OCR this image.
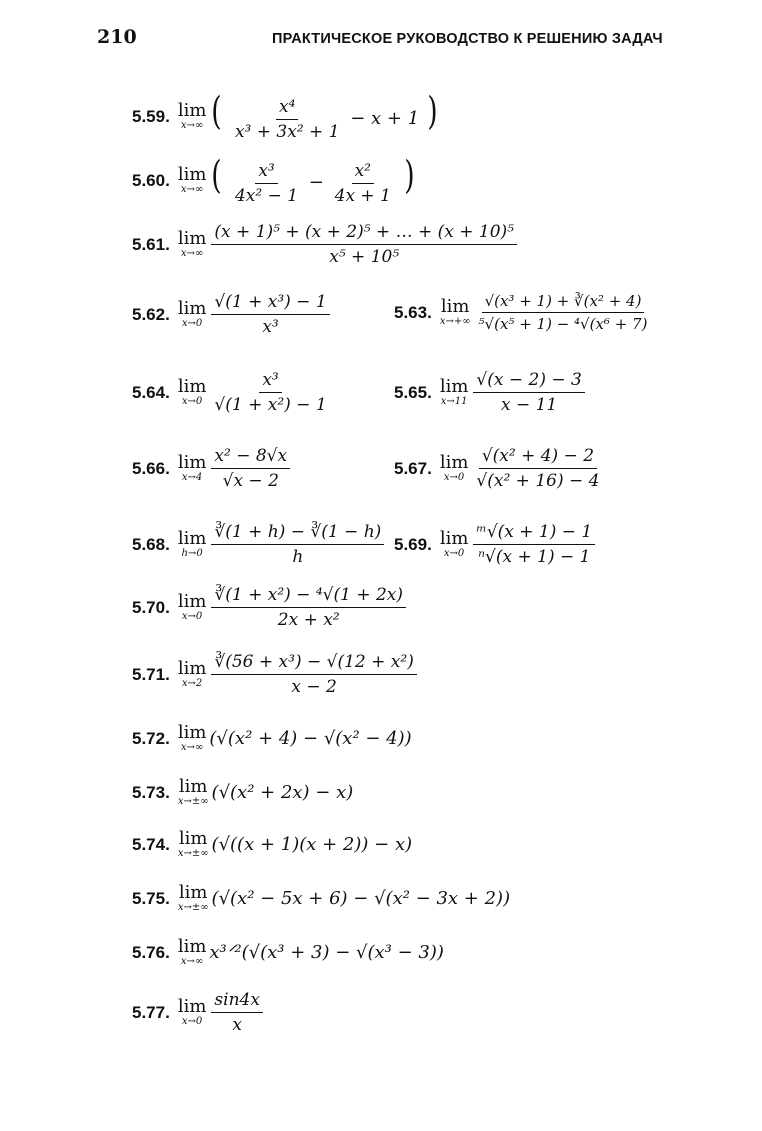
210	ПРАКТИЧЕСКОЕ РУКОВОДСТВО К РЕШЕНИЮ ЗАДАЧ
5.59. lim
x→∞ ( $\frac{\text{x⁴}}{\text{x³ + 3x² + 1}} - x + 1$ )
5.60. lim
x→∞ ( $\frac{\text{x³}}{\text{4x² − 1}} - \frac{\text{x²}}{4x + 1}$ )
5.61. lim
$x\to\infty \frac{\text{(x + 1)⁵ + (x + 2)⁵ + … + (x + 10)⁵}}{\text{x⁵ + 10⁵}}$
5.62. lim
$x\to 0 \frac{\text{√(1 + x³) − 1}}{\text{x³}}$	5.63. lim
$x\to+\infty \frac{\text{√(x³ + 1) + ∛(x² + 4)}}{\text{⁵√(x⁵ + 1) − ⁴√(x⁶ + 7)}}$
5.64. lim
$x\to 0 \frac{\text{x³}}{\text{√(1 + x²) − 1}}$	5.65. lim
$x\to 11 \frac{√(x - 2) - 3}{x - 11}$
5.66. lim
$x\to 4 \frac{\text{x² − 8√x}}{√x - 2}$	5.67. lim
$x\to 0 \frac{\text{√(x² + 4) − 2}}{\text{√(x² + 16) − 4}}$
5.68. lim
$h\to 0 \frac{∛(1 + h) - ∛(1 - h)}{h} 5.69$. lim
$x\to 0 \frac{\text{ᵐ√(x + 1) − 1}}{\text{ⁿ√(x + 1) − 1}}$
5.70. lim
$x\to 0 \frac{\text{∛(1 + x²) − ⁴√(1 + 2x)}}{\text{2x + x²}}$
5.71. lim
$x\to 2 \frac{\text{∛(56 + x³) − √(12 + x²)}}{x - 2}$
5.72. lim
x→∞ (√(x² + 4) − √(x² − 4))
5.73. lim
x→±∞ (√(x² + 2x) − x)
5.74. lim
x→±∞ (√((x + 1)(x + 2)) − x)
5.75. lim
x→±∞ (√(x² − 5x + 6) − √(x² − 3x + 2))
5.76. lim
x→∞ x³ᐟ²(√(x³ + 3) − √(x³ − 3))
5.77. lim
$x\to 0 \frac{\sin 4x}{x}$
